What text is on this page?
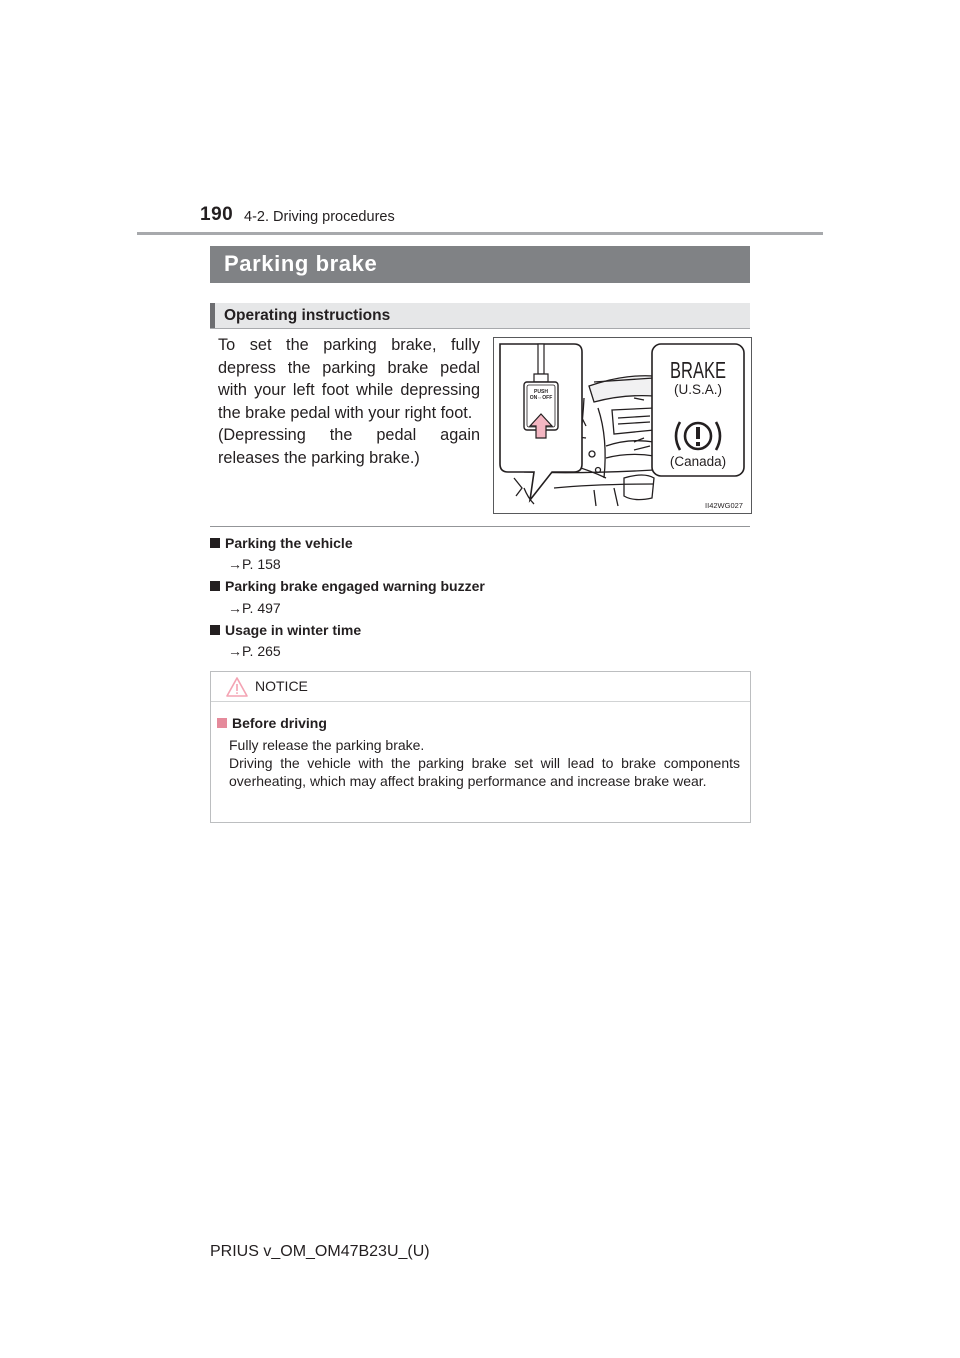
190 4-2. Driving procedures
Parking brake
Operating instructions

To set the parking brake, fully depress the parking brake pedal with your left foot while depressing the brake pedal with your right foot.

(Depressing the pedal again releases the parking brake.)

PUSH
ON⇔OFF
BRAKE
(U.S.A.)
(Canada)
II42WG027
Parking the vehicle
→P. 158
Parking brake engaged warning buzzer
→P. 497
Usage in winter time
→P. 265
NOTICE
Before driving

Fully release the parking brake.

Driving the vehicle with the parking brake set will lead to brake components overheating, which may affect braking performance and increase brake wear.

PRIUS v_OM_OM47B23U_(U)
